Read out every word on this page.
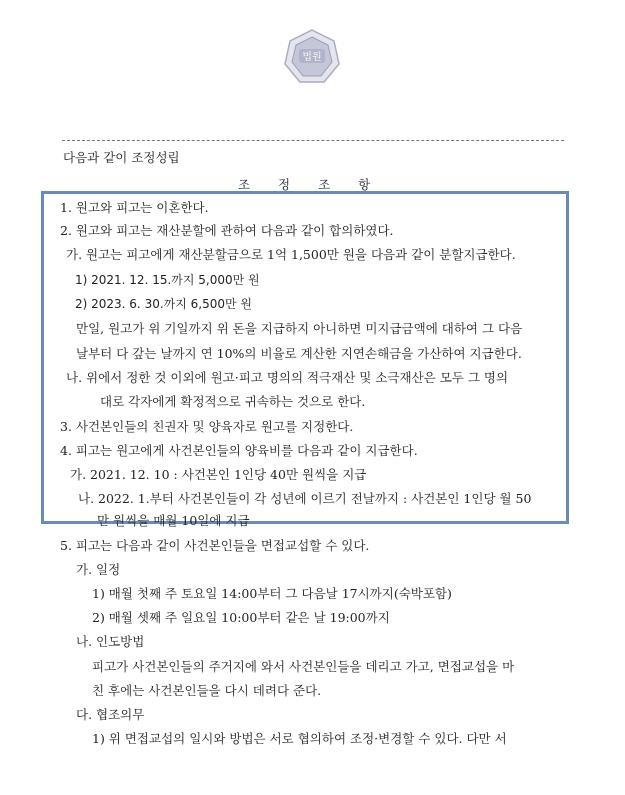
법원
다음과 같이 조정성립
조 정 조 항
1. 원고와 피고는 이혼한다.
2. 원고와 피고는 재산분할에 관하여 다음과 같이 합의하였다.
가. 원고는 피고에게 재산분할금으로 1억 1,500만 원을 다음과 같이 분할지급한다.
1) 2021. 12. 15.까지 5,000만 원
2) 2023. 6. 30.까지 6,500만 원
만일, 원고가 위 기일까지 위 돈을 지급하지 아니하면 미지급금액에 대하여 그 다음
날부터 다 갚는 날까지 연 10%의 비율로 계산한 지연손해금을 가산하여 지급한다.
나. 위에서 정한 것 이외에 원고·피고 명의의 적극재산 및 소극재산은 모두 그 명의
대로 각자에게 확정적으로 귀속하는 것으로 한다.
3. 사건본인들의 친권자 및 양육자로 원고를 지정한다.
4. 피고는 원고에게 사건본인들의 양육비를 다음과 같이 지급한다.
가. 2021. 12. 10 : 사건본인 1인당 40만 원씩을 지급
나. 2022. 1.부터 사건본인들이 각 성년에 이르기 전날까지 : 사건본인 1인당 월 50
만 원씩을 매월 10일에 지급
5. 피고는 다음과 같이 사건본인들을 면접교섭할 수 있다.
가. 일정
1) 매월 첫째 주 토요일 14:00부터 그 다음날 17시까지(숙박포함)
2) 매월 셋째 주 일요일 10:00부터 같은 날 19:00까지
나. 인도방법
피고가 사건본인들의 주거지에 와서 사건본인들을 데리고 가고, 면접교섭을 마
친 후에는 사건본인들을 다시 데려다 준다.
다. 협조의무
1) 위 면접교섭의 일시와 방법은 서로 협의하여 조정·변경할 수 있다. 다만 서
